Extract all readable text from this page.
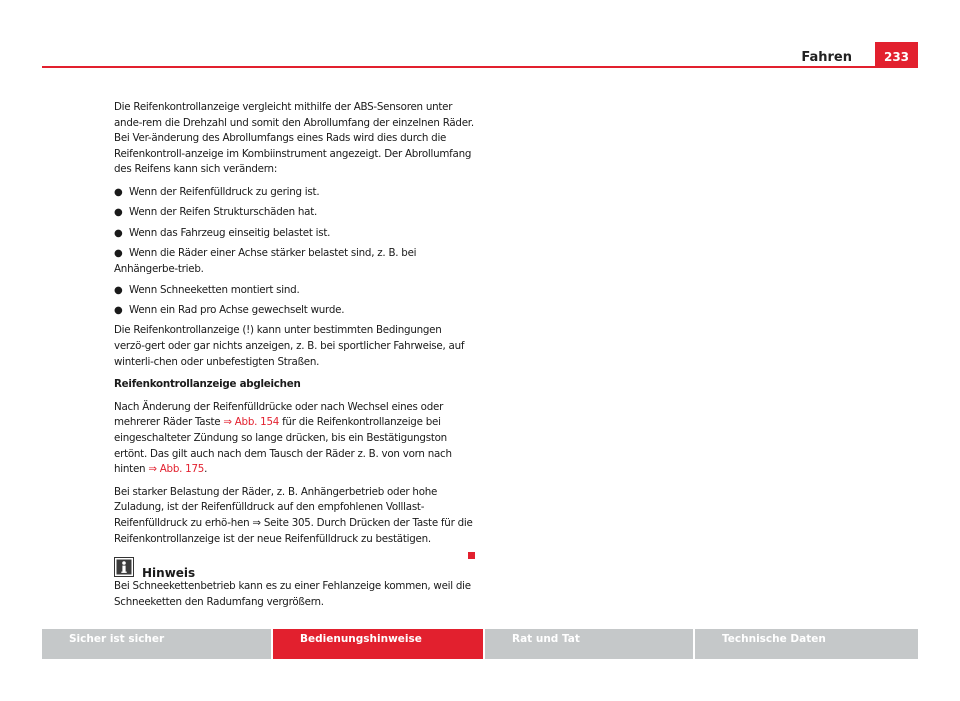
Fahren	233

Die Reifenkontrollanzeige vergleicht mithilfe der ABS-Sensoren unter ande-rem die Drehzahl und somit den Abrollumfang der einzelnen Räder. Bei Ver-änderung des Abrollumfangs eines Rads wird dies durch die Reifenkontroll-anzeige im Kombiinstrument angezeigt. Der Abrollumfang des Reifens kann sich verändern:

● Wenn der Reifenfülldruck zu gering ist.
● Wenn der Reifen Strukturschäden hat.
● Wenn das Fahrzeug einseitig belastet ist.
● Wenn die Räder einer Achse stärker belastet sind, z. B. bei Anhängerbe-trieb.
● Wenn Schneeketten montiert sind.
● Wenn ein Rad pro Achse gewechselt wurde.

Die Reifenkontrollanzeige (!) kann unter bestimmten Bedingungen verzö-gert oder gar nichts anzeigen, z. B. bei sportlicher Fahrweise, auf winterli-chen oder unbefestigten Straßen.

Reifenkontrollanzeige abgleichen

Nach Änderung der Reifenfülldrücke oder nach Wechsel eines oder mehrerer Räder Taste ⇒ Abb. 154 für die Reifenkontrollanzeige bei eingeschalteter Zündung so lange drücken, bis ein Bestätigungston ertönt. Das gilt auch nach dem Tausch der Räder z. B. von vorn nach hinten ⇒ Abb. 175.

Bei starker Belastung der Räder, z. B. Anhängerbetrieb oder hohe Zuladung, ist der Reifenfülldruck auf den empfohlenen Volllast-Reifenfülldruck zu erhö-hen ⇒ Seite 305. Durch Drücken der Taste für die Reifenkontrollanzeige ist der neue Reifenfülldruck zu bestätigen.

Hinweis

Bei Schneekettenbetrieb kann es zu einer Fehlanzeige kommen, weil die Schneeketten den Radumfang vergrößern.

Sicher ist sicher	Bedienungshinweise	Rat und Tat	Technische Daten
